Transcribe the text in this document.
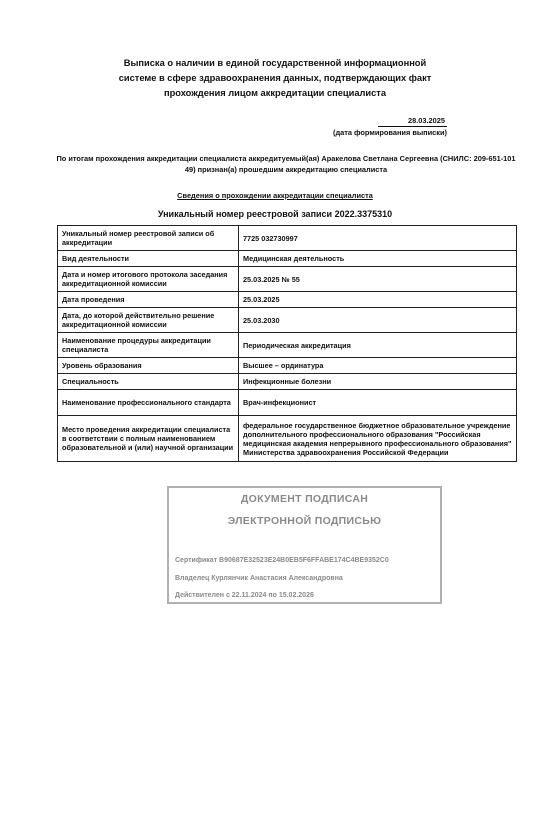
Выписка о наличии в единой государственной информационной
системе в сфере здравоохранения данных, подтверждающих факт
прохождения лицом аккредитации специалиста
28.03.2025
(дата формирования выписки)
По итогам прохождения аккредитации специалиста аккредитуемый(ая) Аракелова Светлана Сергеевна (СНИЛС: 209-651-101 49) признан(а) прошедшим аккредитацию специалиста
Сведения о прохождении аккредитации специалиста
Уникальный номер реестровой записи 2022.3375310
Уникальный номер реестровой записи об аккредитации	7725 032730997
Вид деятельности	Медицинская деятельность
Дата и номер итогового протокола заседания аккредитационной комиссии	25.03.2025 № 55
Дата проведения	25.03.2025
Дата, до которой действительно решение аккредитационной комиссии	25.03.2030
Наименование процедуры аккредитации специалиста	Периодическая аккредитация
Уровень образования	Высшее – ординатура
Специальность	Инфекционные болезни
Наименование профессионального стандарта	Врач-инфекционист
Место проведения аккредитации специалиста в соответствии с полным наименованием образовательной и (или) научной организации	федеральное государственное бюджетное образовательное учреждение дополнительного профессионального образования "Российская медицинская академия непрерывного профессионального образования" Министерства здравоохранения Российской Федерации
ДОКУМЕНТ ПОДПИСАН
ЭЛЕКТРОННОЙ ПОДПИСЬЮ
Сертификат B90687E32523E24B0EB5F6FFABE174C4BE9352C0
Владелец Курлянчик Анастасия Александровна
Действителен с 22.11.2024 по 15.02.2026
